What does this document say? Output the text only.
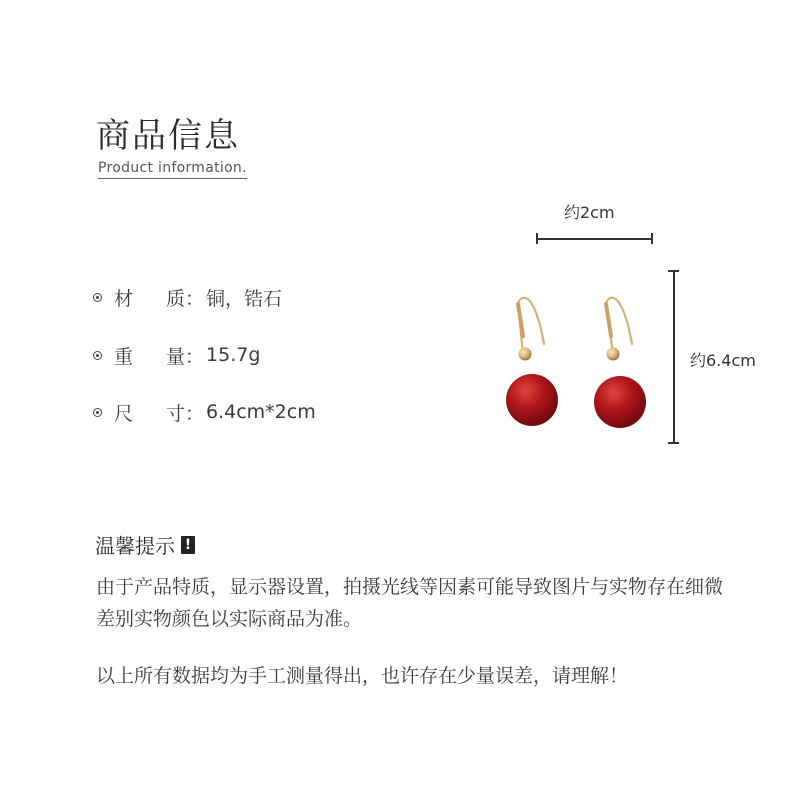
商品信息
Product information.
材	质： 铜，锆石
重	量： 15.7g
尺	寸： 6.4cm*2cm
约2cm
约6.4cm
温馨提示 !
由于产品特质，显示器设置，拍摄光线等因素可能导致图片与实物存在细微差别实物颜色以实际商品为准。
以上所有数据均为手工测量得出，也许存在少量误差，请理解！
